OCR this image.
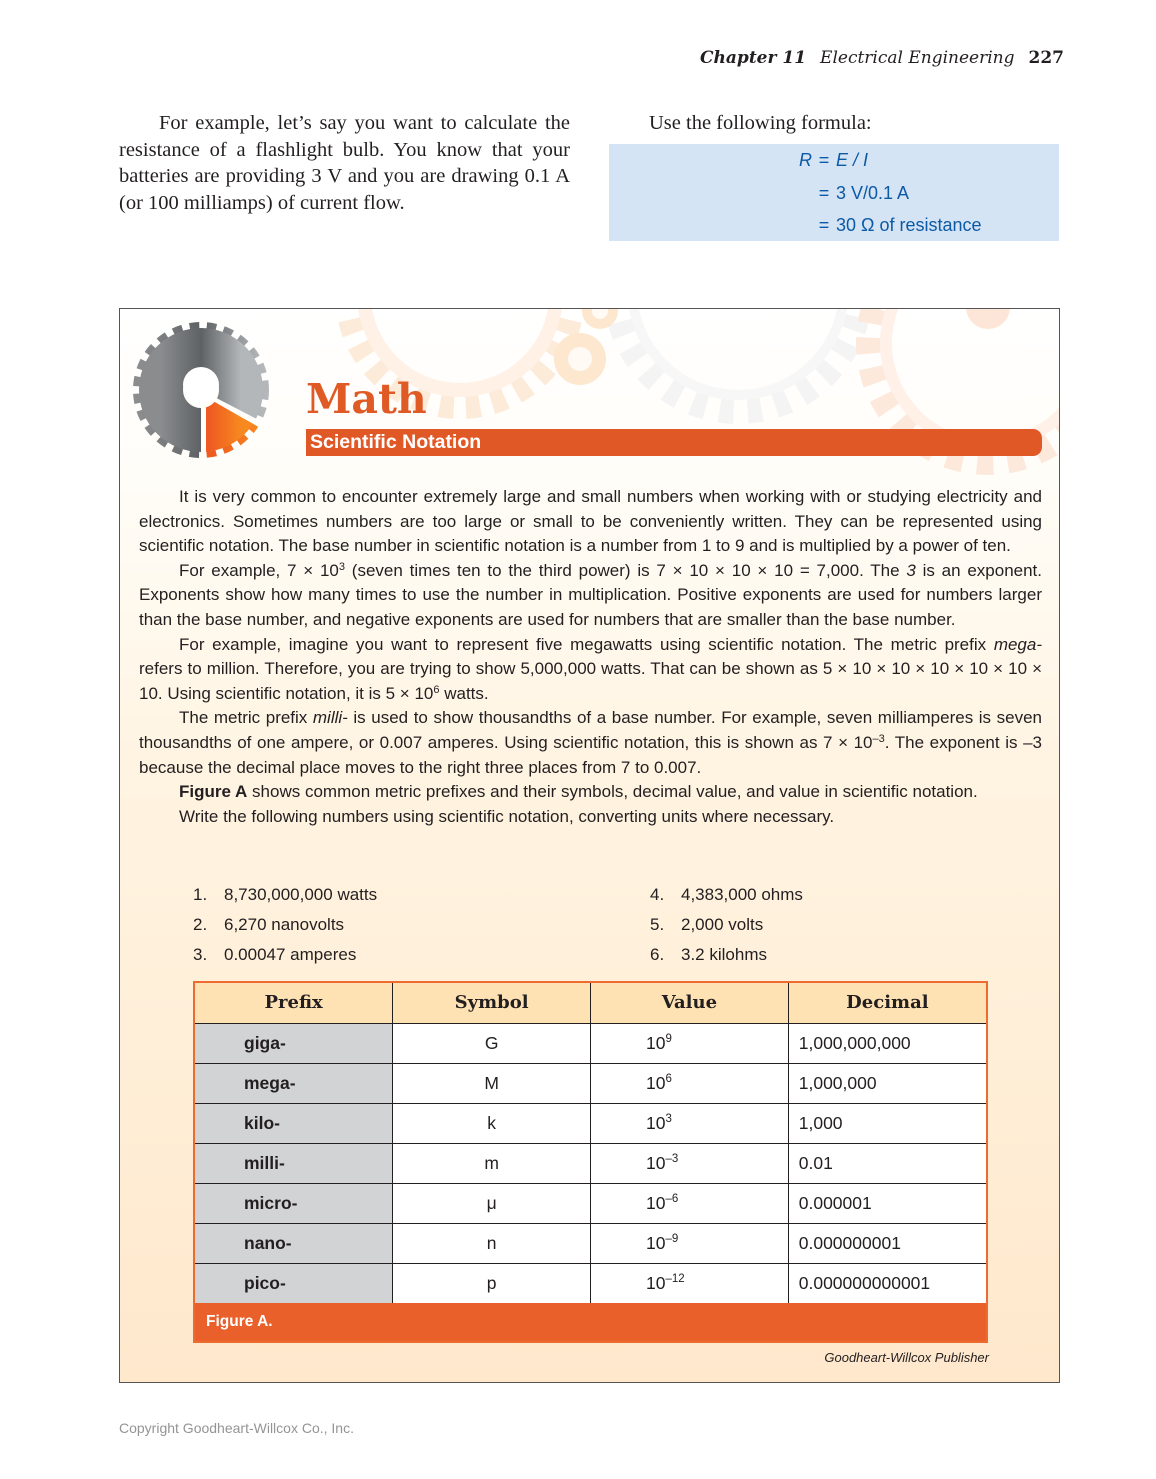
Chapter 11 Electrical Engineering 227

For example, let’s say you want to calculate the resistance of a flashlight bulb. You know that your batteries are providing 3 V and you are drawing 0.1 A (or 100 milliamps) of current flow.

Use the following formula:
R = E / I
= 3 V/0.1 A
= 30 Ω of resistance
Math
Scientific Notation

It is very common to encounter extremely large and small numbers when working with or studying electricity and electronics. Sometimes numbers are too large or small to be conveniently written. They can be represented using scientific notation. The base number in scientific notation is a number from 1 to 9 and is multiplied by a power of ten.

For example, $7 \times 10^3$ (seven times ten to the third power) is 7 × 10 × 10 × 10 = 7,000. The 3 is an exponent. Exponents show how many times to use the number in multiplication. Positive exponents are used for numbers larger than the base number, and negative exponents are used for numbers that are smaller than the base number.

For example, imagine you want to represent five megawatts using scientific notation. The metric prefix mega- refers to million. Therefore, you are trying to show 5,000,000 watts. That can be shown as 5 × 10 × 10 × 10 × 10 × 10 × 10. Using scientific notation, it is $5 \times 10^6$ watts.

The metric prefix milli- is used to show thousandths of a base number. For example, seven milliamperes is seven thousandths of one ampere, or 0.007 amperes. Using scientific notation, this is shown as $7 \times 10^{-3}$. The exponent is –3 because the decimal place moves to the right three places from 7 to 0.007.

Figure A shows common metric prefixes and their symbols, decimal value, and value in scientific notation.

Write the following numbers using scientific notation, converting units where necessary.

1. 8,730,000,000 watts
2. 6,270 nanovolts
3. 0.00047 amperes
4. 4,383,000 ohms
5. 2,000 volts
6. 3.2 kilohms
Prefix	Symbol	Value	Decimal
giga-	G	$10^9$	1,000,000,000
mega-	M	$10^6$	1,000,000
kilo-	k	$10^3$	1,000
milli-	m	$10^{-3}$	0.01
micro-	μ	$10^{-6}$	0.000001
nano-	n	$10^{-9}$	0.000000001
pico-	p	$10^{-12}$	0.000000000001
Figure A.
Goodheart-Willcox Publisher
Copyright Goodheart-Willcox Co., Inc.
